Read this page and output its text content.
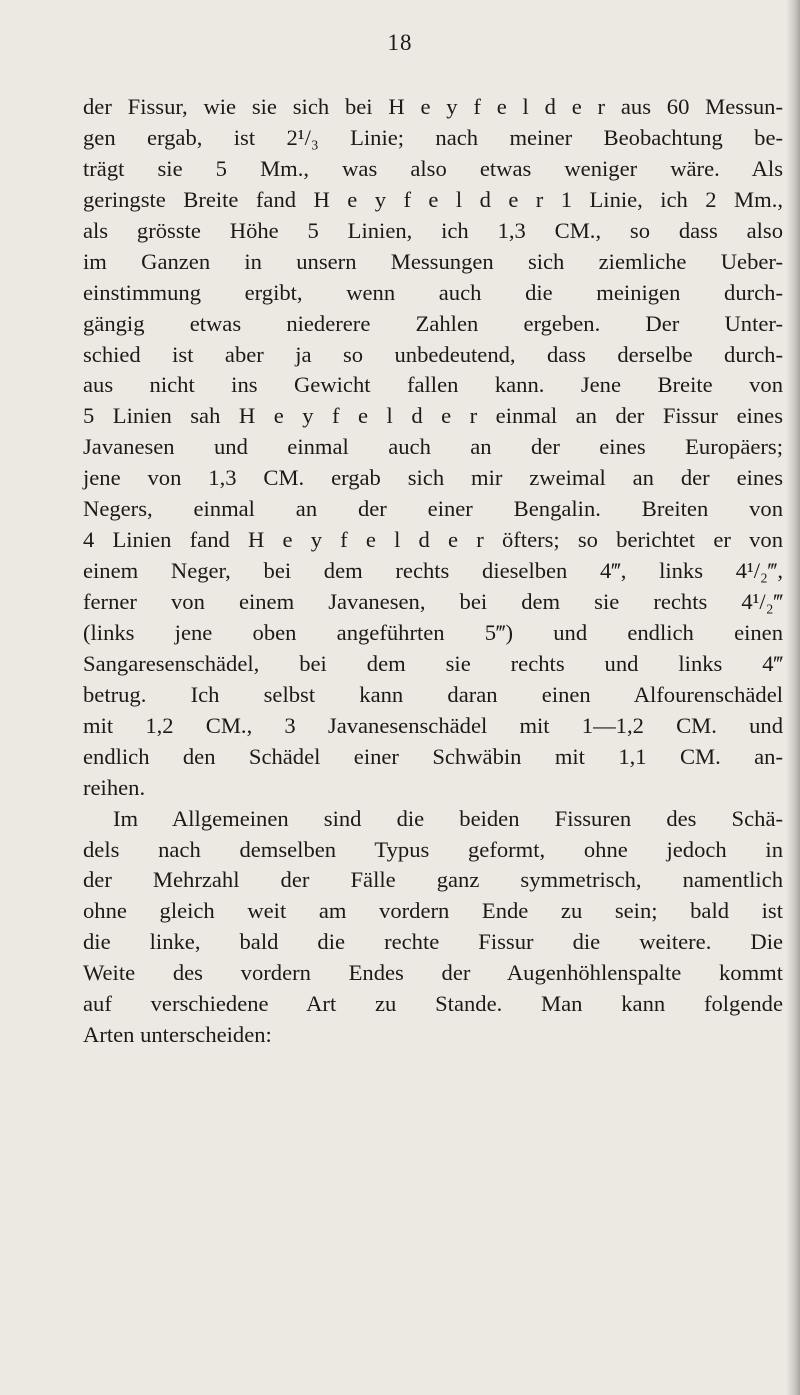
18
der Fissur, wie sie sich bei H e y f e l d e r aus 60 Messun-
gen ergab, ist 2¹/₃ Linie; nach meiner Beobachtung be-
trägt sie 5 Mm., was also etwas weniger wäre. Als
geringste Breite fand H e y f e l d e r 1 Linie, ich 2 Mm.,
als grösste Höhe 5 Linien, ich 1,3 CM., so dass also
im Ganzen in unsern Messungen sich ziemliche Ueber-
einstimmung ergibt, wenn auch die meinigen durch-
gängig etwas niederere Zahlen ergeben. Der Unter-
schied ist aber ja so unbedeutend, dass derselbe durch-
aus nicht ins Gewicht fallen kann. Jene Breite von
5 Linien sah H e y f e l d e r einmal an der Fissur eines
Javanesen und einmal auch an der eines Europäers;
jene von 1,3 CM. ergab sich mir zweimal an der eines
Negers, einmal an der einer Bengalin. Breiten von
4 Linien fand H e y f e l d e r öfters; so berichtet er von
einem Neger, bei dem rechts dieselben 4‴, links 4¹/₂‴,
ferner von einem Javanesen, bei dem sie rechts 4¹/₂‴
(links jene oben angeführten 5‴) und endlich einen
Sangaresenschädel, bei dem sie rechts und links 4‴
betrug. Ich selbst kann daran einen Alfourenschädel
mit 1,2 CM., 3 Javanesenschädel mit 1—1,2 CM. und
endlich den Schädel einer Schwäbin mit 1,1 CM. an-
reihen.
Im Allgemeinen sind die beiden Fissuren des Schä-
dels nach demselben Typus geformt, ohne jedoch in
der Mehrzahl der Fälle ganz symmetrisch, namentlich
ohne gleich weit am vordern Ende zu sein; bald ist
die linke, bald die rechte Fissur die weitere. Die
Weite des vordern Endes der Augenhöhlenspalte kommt
auf verschiedene Art zu Stande. Man kann folgende
Arten unterscheiden:
